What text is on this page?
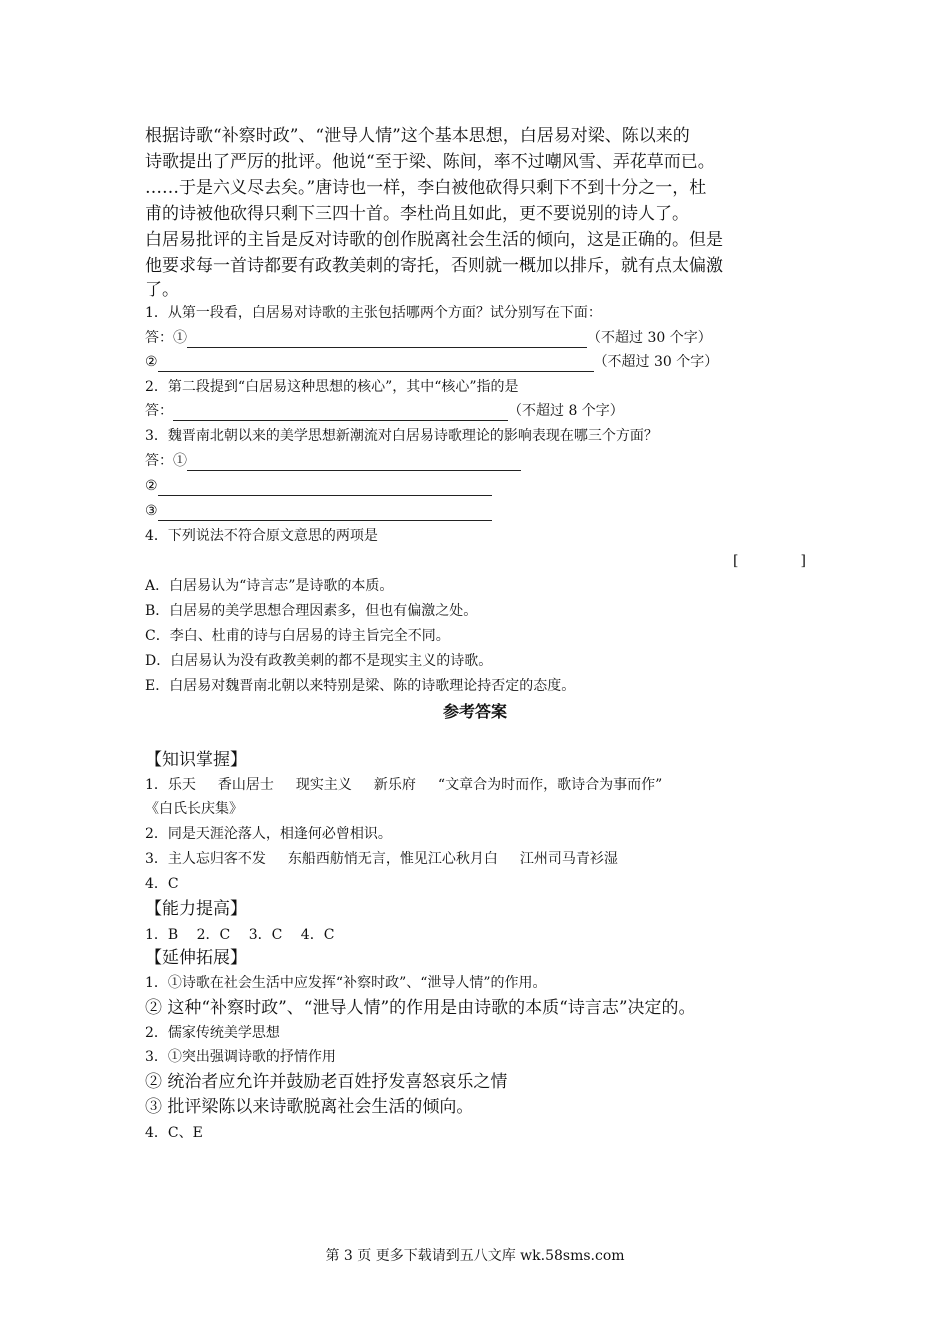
根据诗歌“补察时政”、“泄导人情”这个基本思想，白居易对梁、陈以来的
诗歌提出了严厉的批评。他说“至于梁、陈间，率不过嘲风雪、弄花草而已。
……于是六义尽去矣。”唐诗也一样，李白被他砍得只剩下不到十分之一，杜
甫的诗被他砍得只剩下三四十首。李杜尚且如此，更不要说别的诗人了。
白居易批评的主旨是反对诗歌的创作脱离社会生活的倾向，这是正确的。但是
他要求每一首诗都要有政教美刺的寄托，否则就一概加以排斥，就有点太偏激
了。
1．从第一段看，白居易对诗歌的主张包括哪两个方面？试分别写在下面：
答：①	（不超过 30 个字）
②	（不超过 30 个字）
2．第二段提到“白居易这种思想的核心”，其中“核心”指的是
答：	（不超过 8 个字）
3．魏晋南北朝以来的美学思想新潮流对白居易诗歌理论的影响表现在哪三个方面？
答：①
②
③
4．下列说法不符合原文意思的两项是
[	]
A．白居易认为“诗言志”是诗歌的本质。
B．白居易的美学思想合理因素多，但也有偏激之处。
C．李白、杜甫的诗与白居易的诗主旨完全不同。
D．白居易认为没有政教美刺的都不是现实主义的诗歌。
E．白居易对魏晋南北朝以来特别是梁、陈的诗歌理论持否定的态度。
参考答案
【知识掌握】
1．乐天 香山居士 现实主义 新乐府 “文章合为时而作，歌诗合为事而作”
《白氏长庆集》
2．同是天涯沦落人，相逢何必曾相识。
3．主人忘归客不发 东船西舫悄无言，惟见江心秋月白 江州司马青衫湿
4．C
【能力提高】
1．B　 2．C　 3．C　 4．C
【延伸拓展】
1．①诗歌在社会生活中应发挥“补察时政”、“泄导人情”的作用。
② 这种“补察时政”、“泄导人情”的作用是由诗歌的本质“诗言志”决定的。
2．儒家传统美学思想
3．①突出强调诗歌的抒情作用
② 统治者应允许并鼓励老百姓抒发喜怒哀乐之情
③ 批评梁陈以来诗歌脱离社会生活的倾向。
4．C、E
第 3 页 更多下载请到五八文库 wk.58sms.com
